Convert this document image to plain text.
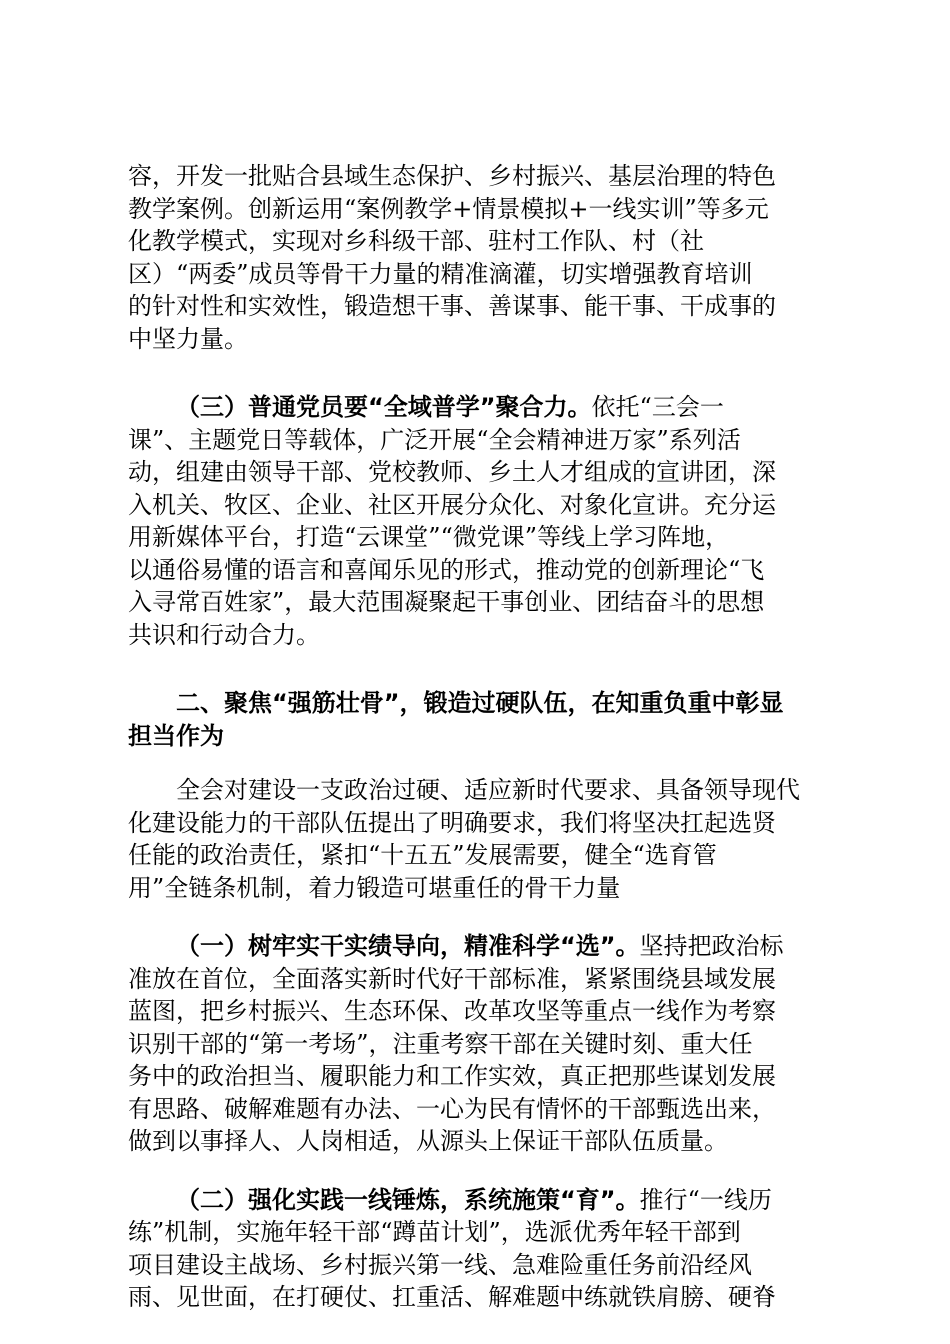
容，开发一批贴合县域生态保护、乡村振兴、基层治理的特色
教学案例。创新运用“案例教学+情景模拟+一线实训”等多元
化教学模式，实现对乡科级干部、驻村工作队、村（社
区）“两委”成员等骨干力量的精准滴灌，切实增强教育培训
的针对性和实效性，锻造想干事、善谋事、能干事、干成事的
中坚力量。
  （三）普通党员要“全域普学”聚合力。依托“三会一
课”、主题党日等载体，广泛开展“全会精神进万家”系列活
动，组建由领导干部、党校教师、乡土人才组成的宣讲团，深
入机关、牧区、企业、社区开展分众化、对象化宣讲。充分运
用新媒体平台，打造“云课堂”“微党课”等线上学习阵地，
以通俗易懂的语言和喜闻乐见的形式，推动党的创新理论“飞
入寻常百姓家”，最大范围凝聚起干事创业、团结奋斗的思想
共识和行动合力。
  二、聚焦“强筋壮骨”，锻造过硬队伍，在知重负重中彰显
担当作为
  全会对建设一支政治过硬、适应新时代要求、具备领导现代
化建设能力的干部队伍提出了明确要求，我们将坚决扛起选贤
任能的政治责任，紧扣“十五五”发展需要，健全“选育管
用”全链条机制，着力锻造可堪重任的骨干力量
  （一）树牢实干实绩导向，精准科学“选”。坚持把政治标
准放在首位，全面落实新时代好干部标准，紧紧围绕县域发展
蓝图，把乡村振兴、生态环保、改革攻坚等重点一线作为考察
识别干部的“第一考场”，注重考察干部在关键时刻、重大任
务中的政治担当、履职能力和工作实效，真正把那些谋划发展
有思路、破解难题有办法、一心为民有情怀的干部甄选出来，
做到以事择人、人岗相适，从源头上保证干部队伍质量。
  （二）强化实践一线锤炼，系统施策“育”。推行“一线历
练”机制，实施年轻干部“蹲苗计划”，选派优秀年轻干部到
项目建设主战场、乡村振兴第一线、急难险重任务前沿经风
雨、见世面，在打硬仗、扛重活、解难题中练就铁肩膀、硬脊
